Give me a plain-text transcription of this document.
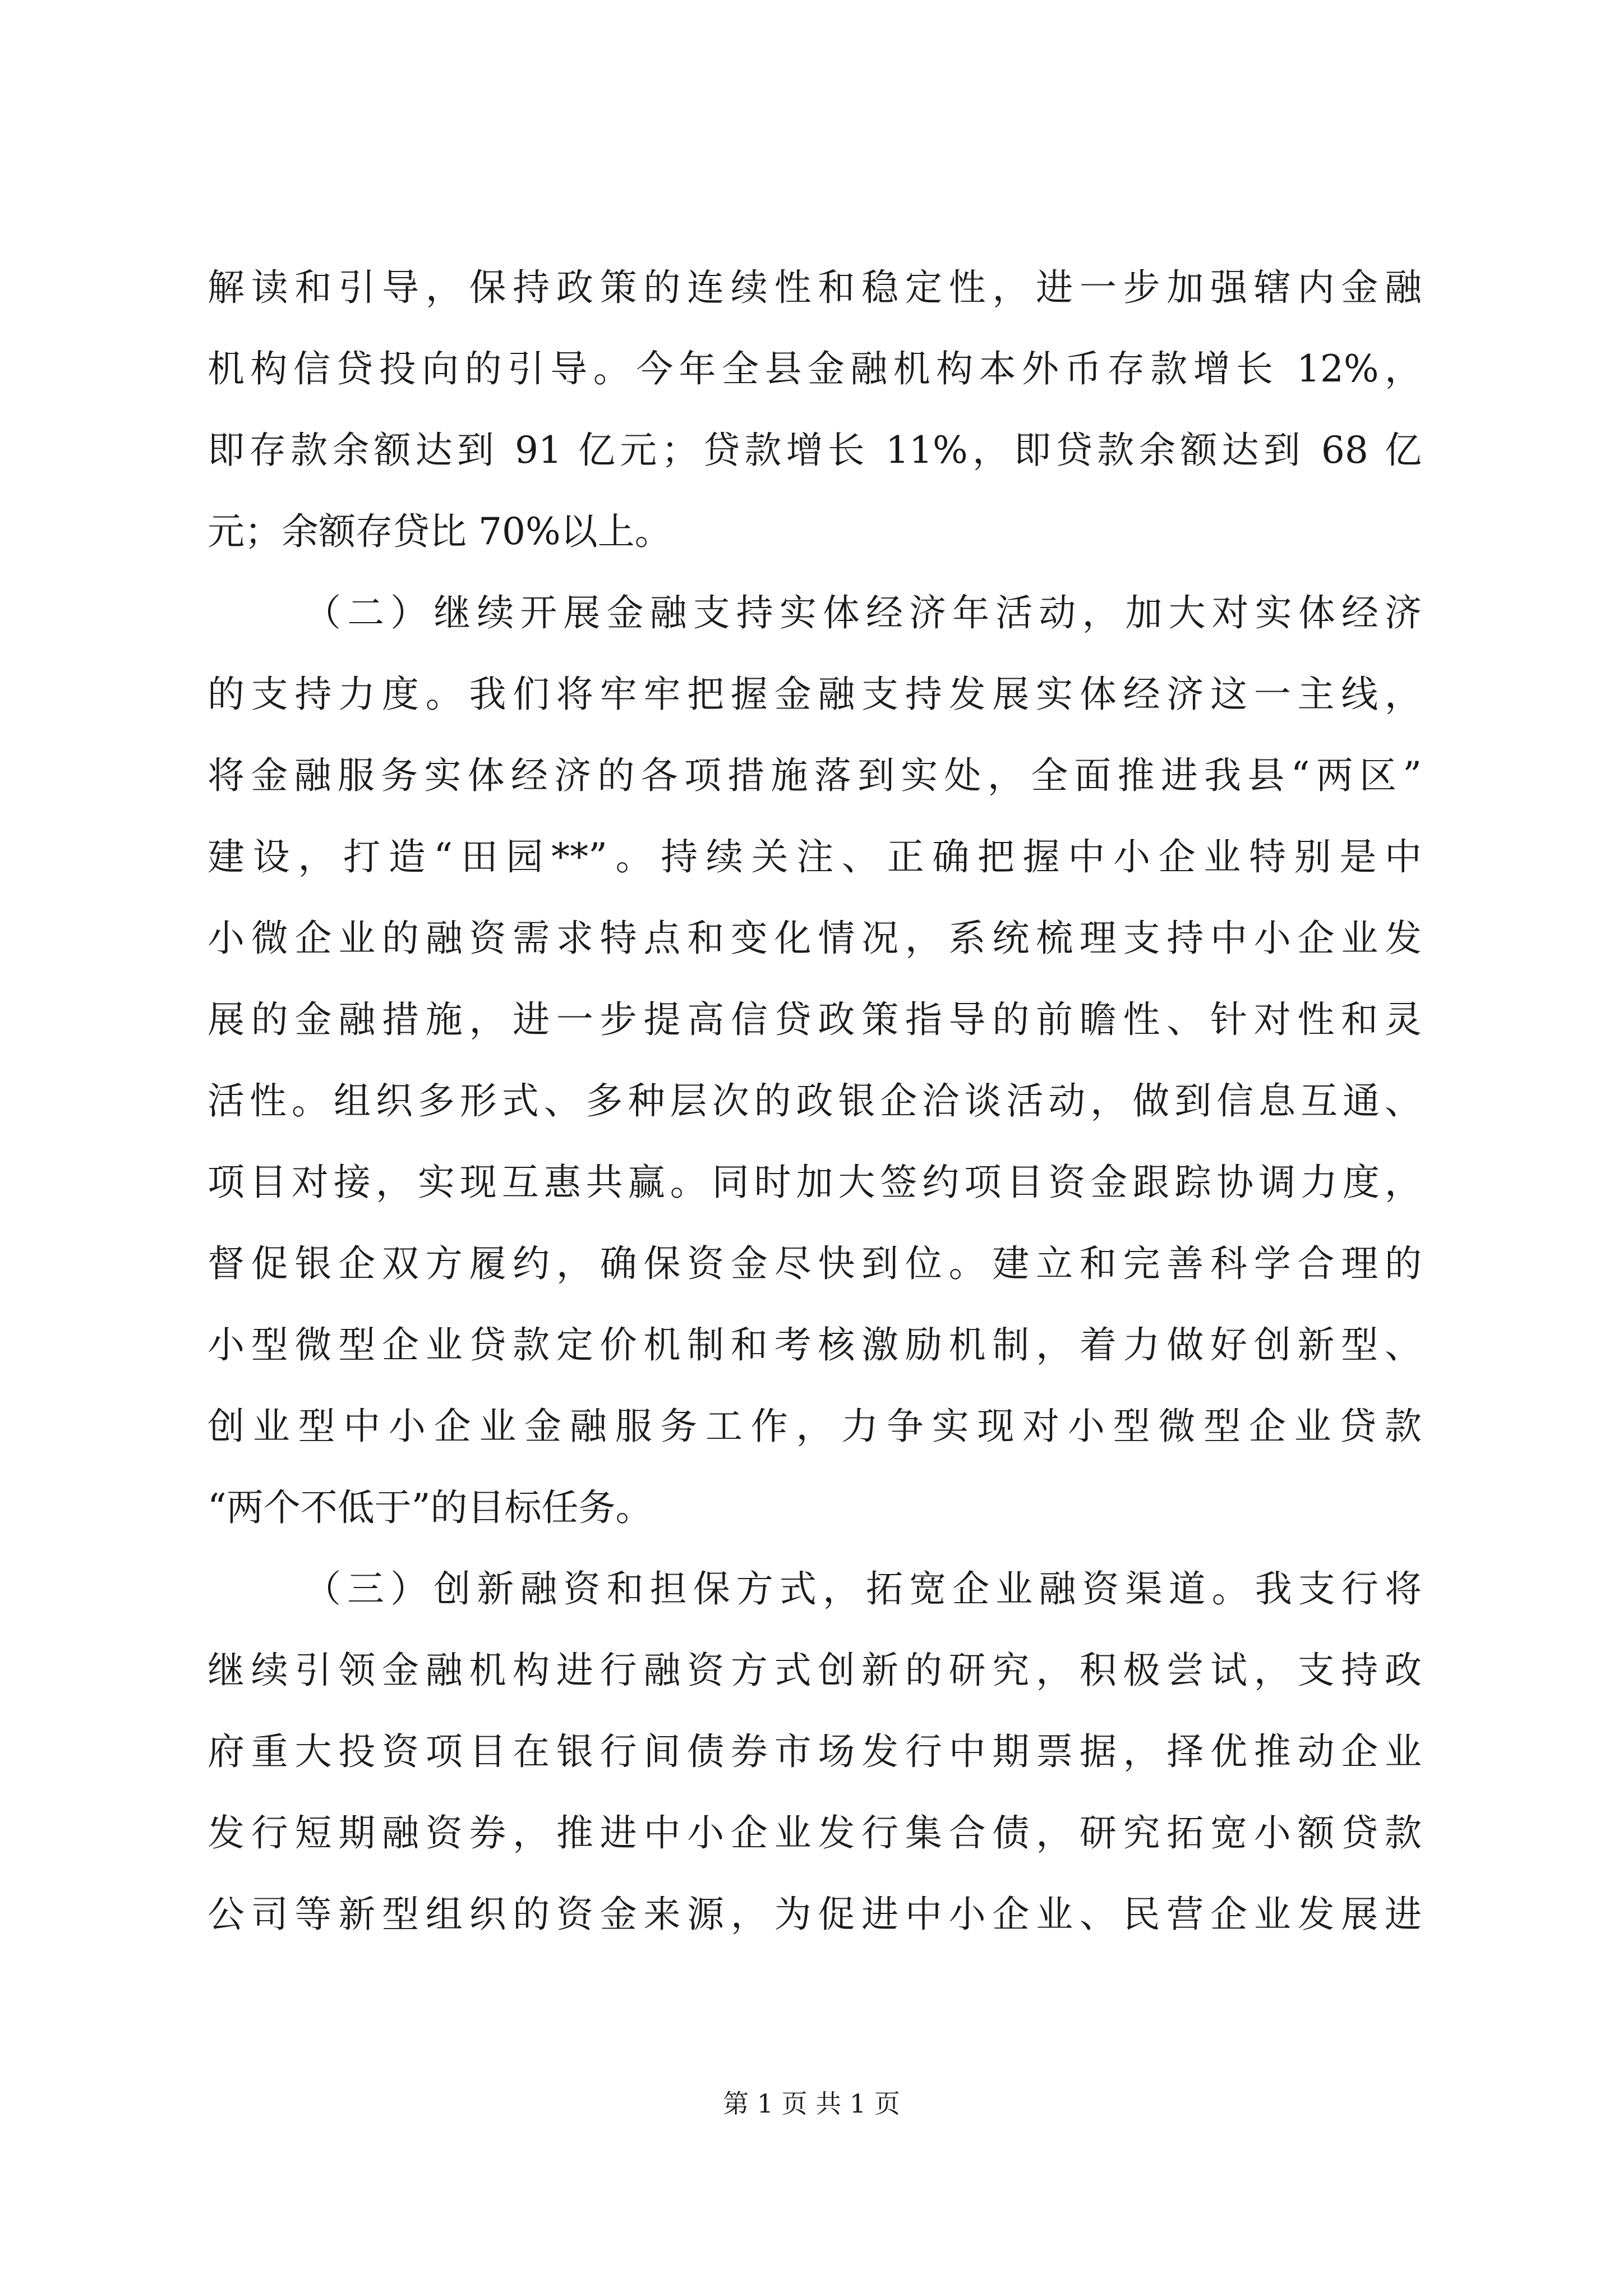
解读和引导，保持政策的连续性和稳定性，进一步加强辖内金融
机构信贷投向的引导。今年全县金融机构本外币存款增长 12%，
即存款余额达到 91 亿元；贷款增长 11%，即贷款余额达到 68 亿
元；余额存贷比 70%以上。
（二）继续开展金融支持实体经济年活动，加大对实体经济
的支持力度。我们将牢牢把握金融支持发展实体经济这一主线，
将金融服务实体经济的各项措施落到实处，全面推进我县“两区”
建设，打造“田园**”。持续关注、正确把握中小企业特别是中
小微企业的融资需求特点和变化情况，系统梳理支持中小企业发
展的金融措施，进一步提高信贷政策指导的前瞻性、针对性和灵
活性。组织多形式、多种层次的政银企洽谈活动，做到信息互通、
项目对接，实现互惠共赢。同时加大签约项目资金跟踪协调力度，
督促银企双方履约，确保资金尽快到位。建立和完善科学合理的
小型微型企业贷款定价机制和考核激励机制，着力做好创新型、
创业型中小企业金融服务工作，力争实现对小型微型企业贷款
“两个不低于”的目标任务。
（三）创新融资和担保方式，拓宽企业融资渠道。我支行将
继续引领金融机构进行融资方式创新的研究，积极尝试，支持政
府重大投资项目在银行间债券市场发行中期票据，择优推动企业
发行短期融资券，推进中小企业发行集合债，研究拓宽小额贷款
公司等新型组织的资金来源，为促进中小企业、民营企业发展进
第 1 页 共 1 页
